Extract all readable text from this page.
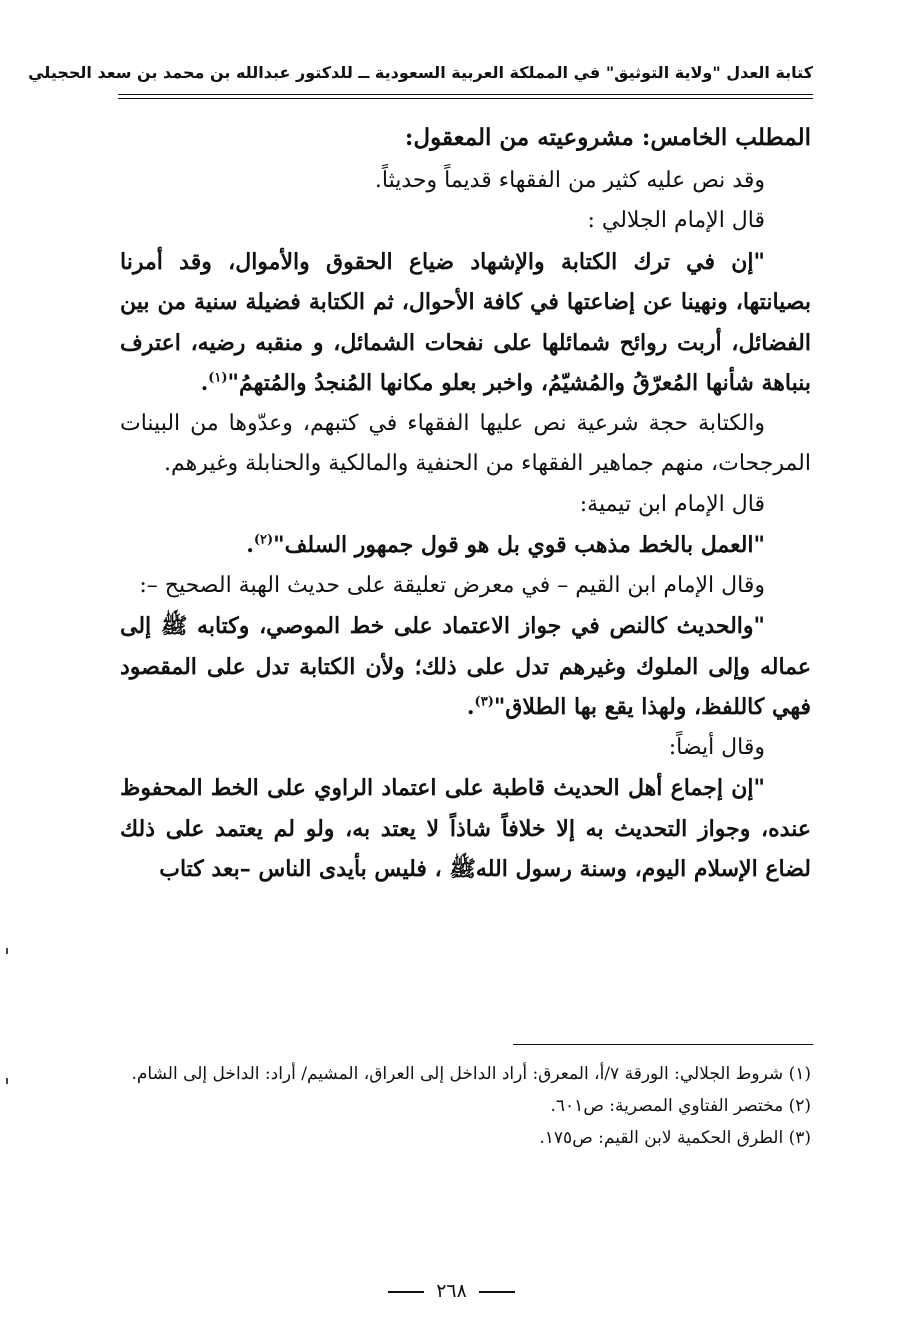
كتابة العدل "ولاية التوثيق" في المملكة العربية السعودية ــ للدكتور عبدالله بن محمد بن سعد الحجيلي

المطلب الخامس: مشروعيته من المعقول:

وقد نص عليه كثير من الفقهاء قديماً وحديثاً.

قال الإمام الجلالي :

"إن في ترك الكتابة والإشهاد ضياع الحقوق والأموال، وقد أمرنا بصيانتها، ونهينا عن إضاعتها في كافة الأحوال، ثم الكتابة فضيلة سنية من بين الفضائل، أربت روائح شمائلها على نفحات الشمائل، و منقبه رضيه، اعترف بنباهة شأنها المُعرّقُ والمُشيّمُ، واخبر بعلو مكانها المُنجدُ والمُتهمُ"$^{(١)}$.

والكتابة حجة شرعية نص عليها الفقهاء في كتبهم، وعدّوها من البينات المرجحات، منهم جماهير الفقهاء من الحنفية والمالكية والحنابلة وغيرهم.

قال الإمام ابن تيمية:

"العمل بالخط مذهب قوي بل هو قول جمهور السلف"$^{(٢)}$.

وقال الإمام ابن القيم – في معرض تعليقة على حديث الهبة الصحيح –:

"والحديث كالنص في جواز الاعتماد على خط الموصي، وكتابه ﷺ إلى عماله وإلى الملوك وغيرهم تدل على ذلك؛ ولأن الكتابة تدل على المقصود فهي كاللفظ، ولهذا يقع بها الطلاق"$^{(٣)}$.

وقال أيضاً:

"إن إجماع أهل الحديث قاطبة على اعتماد الراوي على الخط المحفوظ عنده، وجواز التحديث به إلا خلافاً شاذاً لا يعتد به، ولو لم يعتمد على ذلك لضاع الإسلام اليوم، وسنة رسول اللهﷺ ، فليس بأيدى الناس –بعد كتاب

(١) شروط الجلالي: الورقة ٧/أ، المعرق: أراد الداخل إلى العراق، المشيم/ أراد: الداخل إلى الشام.

(٢) مختصر الفتاوي المصرية: ص٦٠١.

(٣) الطرق الحكمية لابن القيم: ص١٧٥.

٢٦٨
